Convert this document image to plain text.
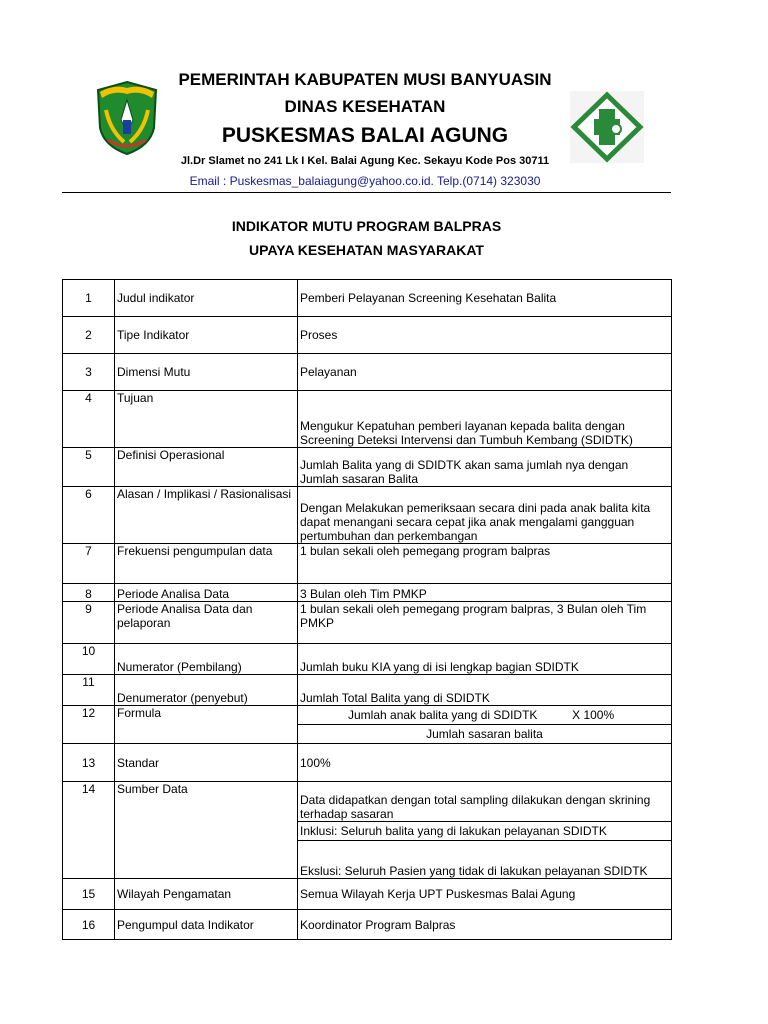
PEMERINTAH KABUPATEN MUSI BANYUASIN
DINAS KESEHATAN
PUSKESMAS BALAI AGUNG
Jl.Dr Slamet no 241 Lk I Kel. Balai Agung Kec. Sekayu Kode Pos 30711
Email : Puskesmas_balaiagung@yahoo.co.id. Telp.(0714) 323030
INDIKATOR MUTU PROGRAM BALPRAS
UPAYA KESEHATAN MASYARAKAT
1	Judul indikator	Pemberi Pelayanan Screening Kesehatan Balita
2	Tipe Indikator	Proses
3	Dimensi Mutu	Pelayanan
4	Tujuan	Mengukur Kepatuhan pemberi layanan kepada balita dengan Screening Deteksi Intervensi dan Tumbuh Kembang (SDIDTK)
5	Definisi Operasional	Jumlah Balita yang di SDIDTK akan sama jumlah nya dengan Jumlah sasaran Balita
6	Alasan / Implikasi / Rasionalisasi	Dengan Melakukan pemeriksaan secara dini pada anak balita kita dapat menangani secara cepat jika anak mengalami gangguan pertumbuhan dan perkembangan
7	Frekuensi pengumpulan data	1 bulan sekali oleh pemegang program balpras
8	Periode Analisa Data	3 Bulan oleh Tim PMKP
9	Periode Analisa Data dan pelaporan	1 bulan sekali oleh pemegang program balpras, 3 Bulan oleh Tim PMKP
10	Numerator (Pembilang)	Jumlah buku KIA yang di isi lengkap bagian SDIDTK
11	Denumerator (penyebut)	Jumlah Total Balita yang di SDIDTK
12	Formula	Jumlah anak balita yang di SDIDTK X 100%
		Jumlah sasaran balita
13	Standar	100%
14	Sumber Data	Data didapatkan dengan total sampling dilakukan dengan skrining terhadap sasaran
		Inklusi: Seluruh balita yang di lakukan pelayanan SDIDTK
		Ekslusi: Seluruh Pasien yang tidak di lakukan pelayanan SDIDTK
15	Wilayah Pengamatan	Semua Wilayah Kerja UPT Puskesmas Balai Agung
16	Pengumpul data Indikator	Koordinator Program Balpras
